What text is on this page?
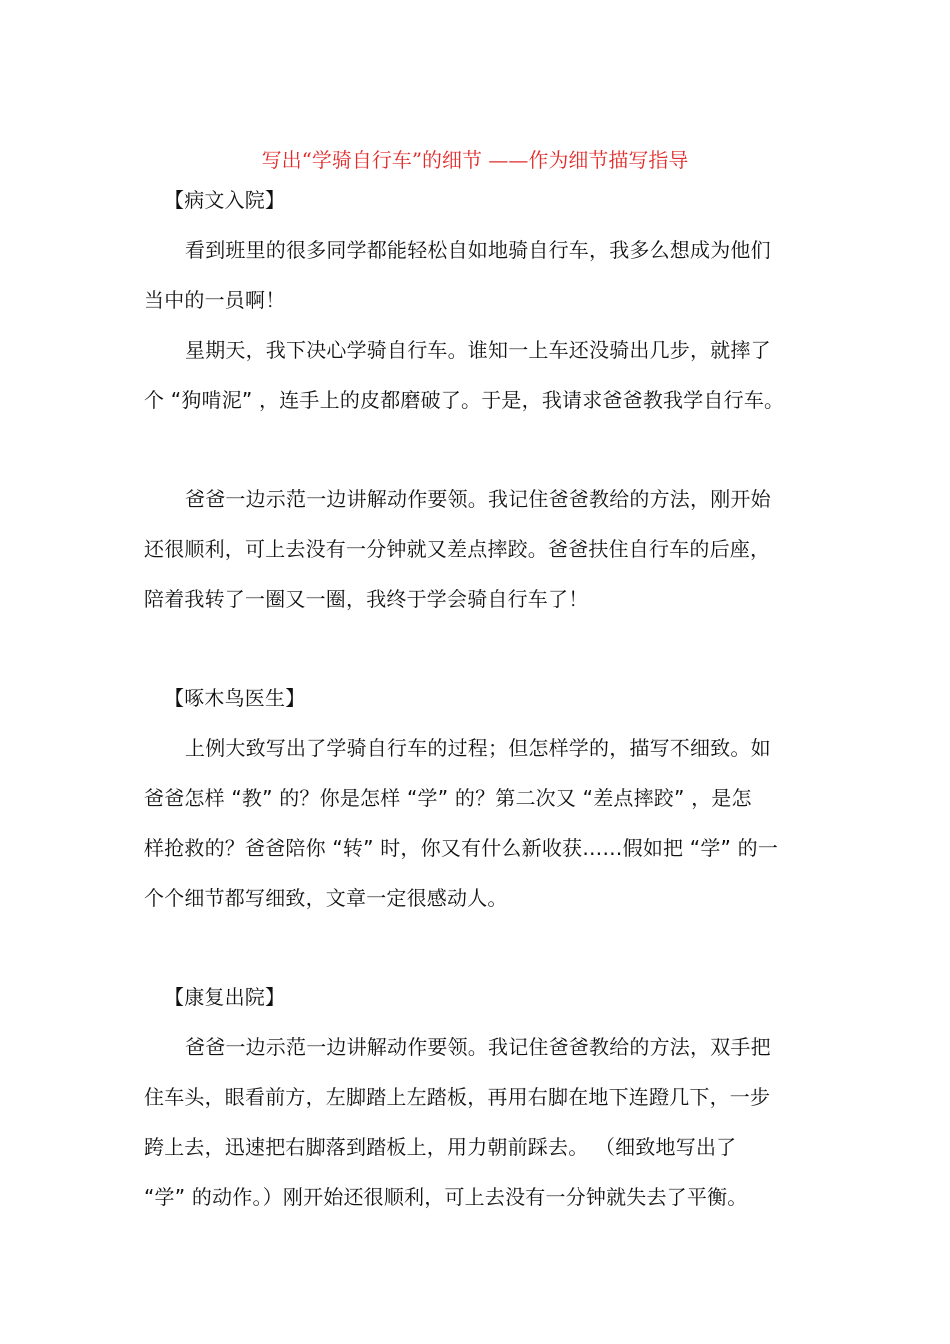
写出“学骑自行车”的细节 ——作为细节描写指导
【病文入院】
看到班里的很多同学都能轻松自如地骑自行车，我多么想成为他们
当中的一员啊！
星期天，我下决心学骑自行车。谁知一上车还没骑出几步，就摔了
个 “狗啃泥” ，连手上的皮都磨破了。于是，我请求爸爸教我学自行车。
爸爸一边示范一边讲解动作要领。我记住爸爸教给的方法，刚开始
还很顺利，可上去没有一分钟就又差点摔跤。爸爸扶住自行车的后座，
陪着我转了一圈又一圈，我终于学会骑自行车了！
【啄木鸟医生】
上例大致写出了学骑自行车的过程；但怎样学的，描写不细致。如
爸爸怎样 “教” 的？你是怎样 “学” 的？第二次又 “差点摔跤” ，是怎
样抢救的？爸爸陪你 “转” 时，你又有什么新收获……假如把 “学” 的一
个个细节都写细致，文章一定很感动人。
【康复出院】
爸爸一边示范一边讲解动作要领。我记住爸爸教给的方法，双手把
住车头，眼看前方，左脚踏上左踏板，再用右脚在地下连蹬几下，一步
跨上去，迅速把右脚落到踏板上，用力朝前踩去。 （细致地写出了
“学” 的动作。）刚开始还很顺利，可上去没有一分钟就失去了平衡。
